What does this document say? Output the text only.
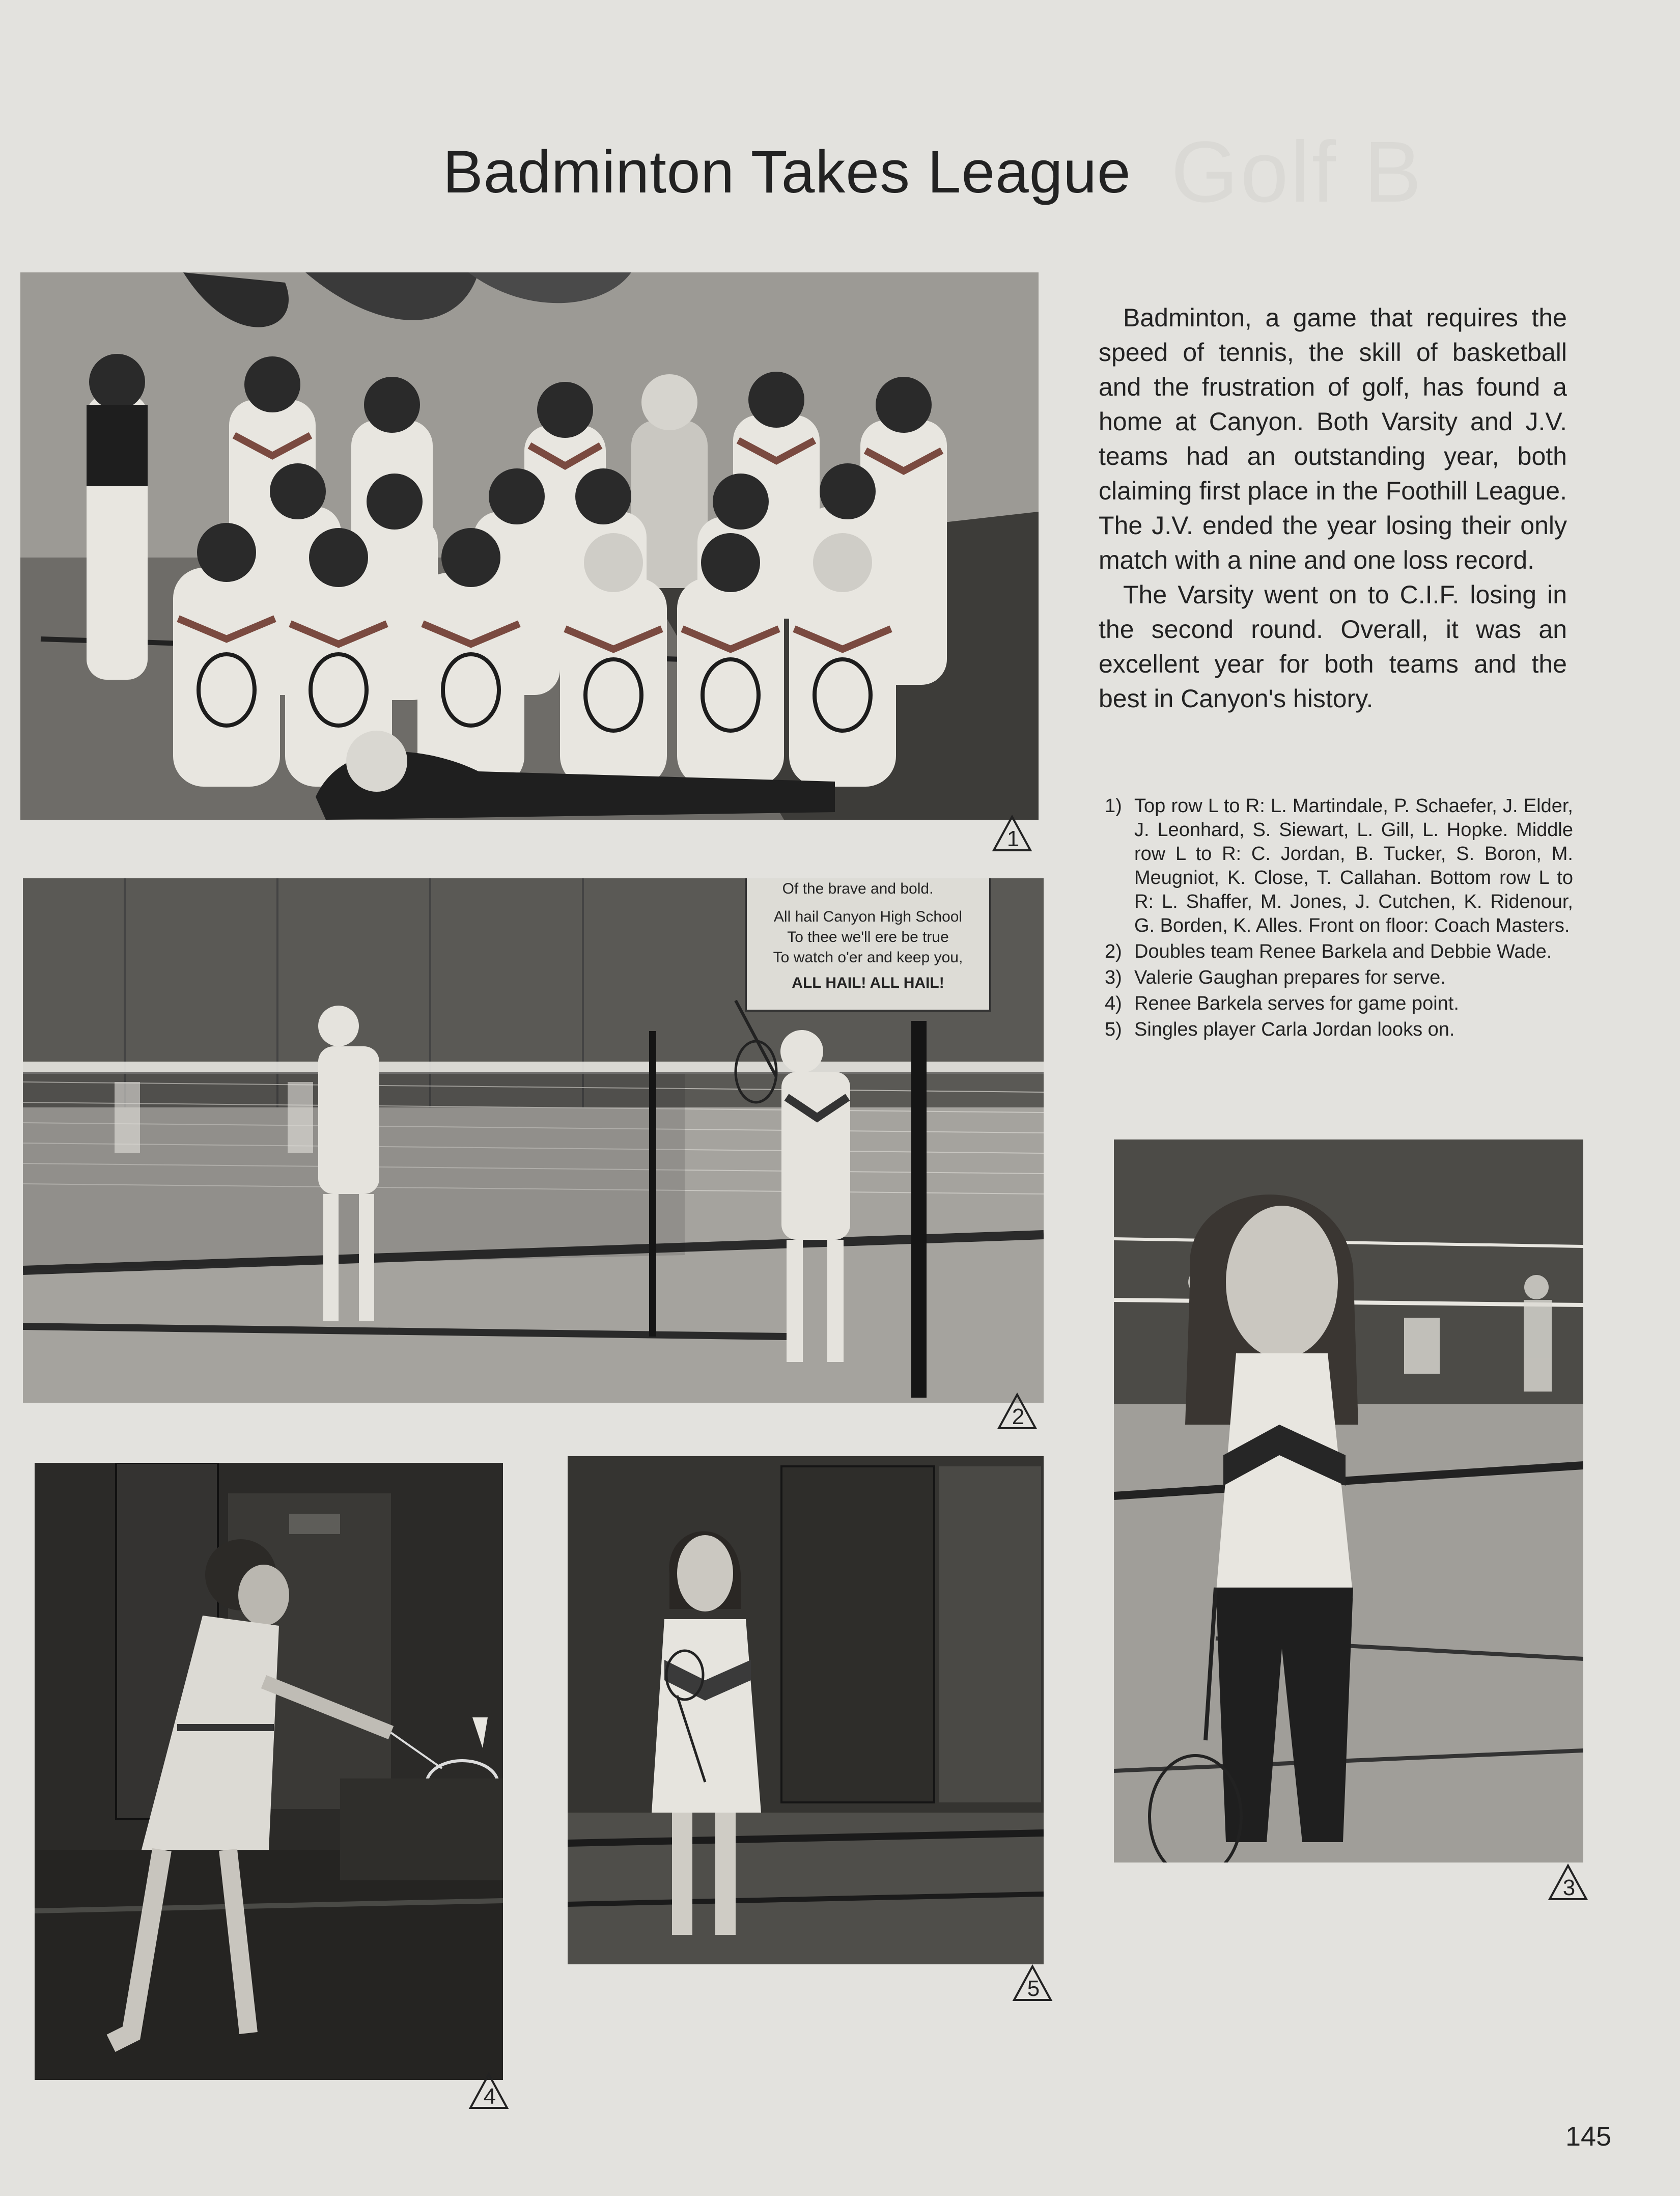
Golf B
Badminton Takes League
1
Of the brave and bold.
All hail Canyon High School
To thee we'll ere be true
To watch o'er and keep you,
ALL HAIL! ALL HAIL!
2
3
4
5

Badminton, a game that requires the speed of tennis, the skill of basketball and the frustration of golf, has found a home at Canyon. Both Varsity and J.V. teams had an outstanding year, both claiming first place in the Foothill League. The J.V. ended the year losing their only match with a nine and one loss record.

The Varsity went on to C.I.F. losing in the second round. Overall, it was an excellent year for both teams and the best in Canyon's history.

1) Top row L to R: L. Martindale, P. Schaefer, J. Elder, J. Leonhard, S. Siewart, L. Gill, L. Hopke. Middle row L to R: C. Jordan, B. Tucker, S. Boron, M. Meugniot, K. Close, T. Callahan. Bottom row L to R: L. Shaffer, M. Jones, J. Cutchen, K. Ridenour, G. Borden, K. Alles. Front on floor: Coach Masters.
2) Doubles team Renee Barkela and Debbie Wade.
3) Valerie Gaughan prepares for serve.
4) Renee Barkela serves for game point.
5) Singles player Carla Jordan looks on.
145
